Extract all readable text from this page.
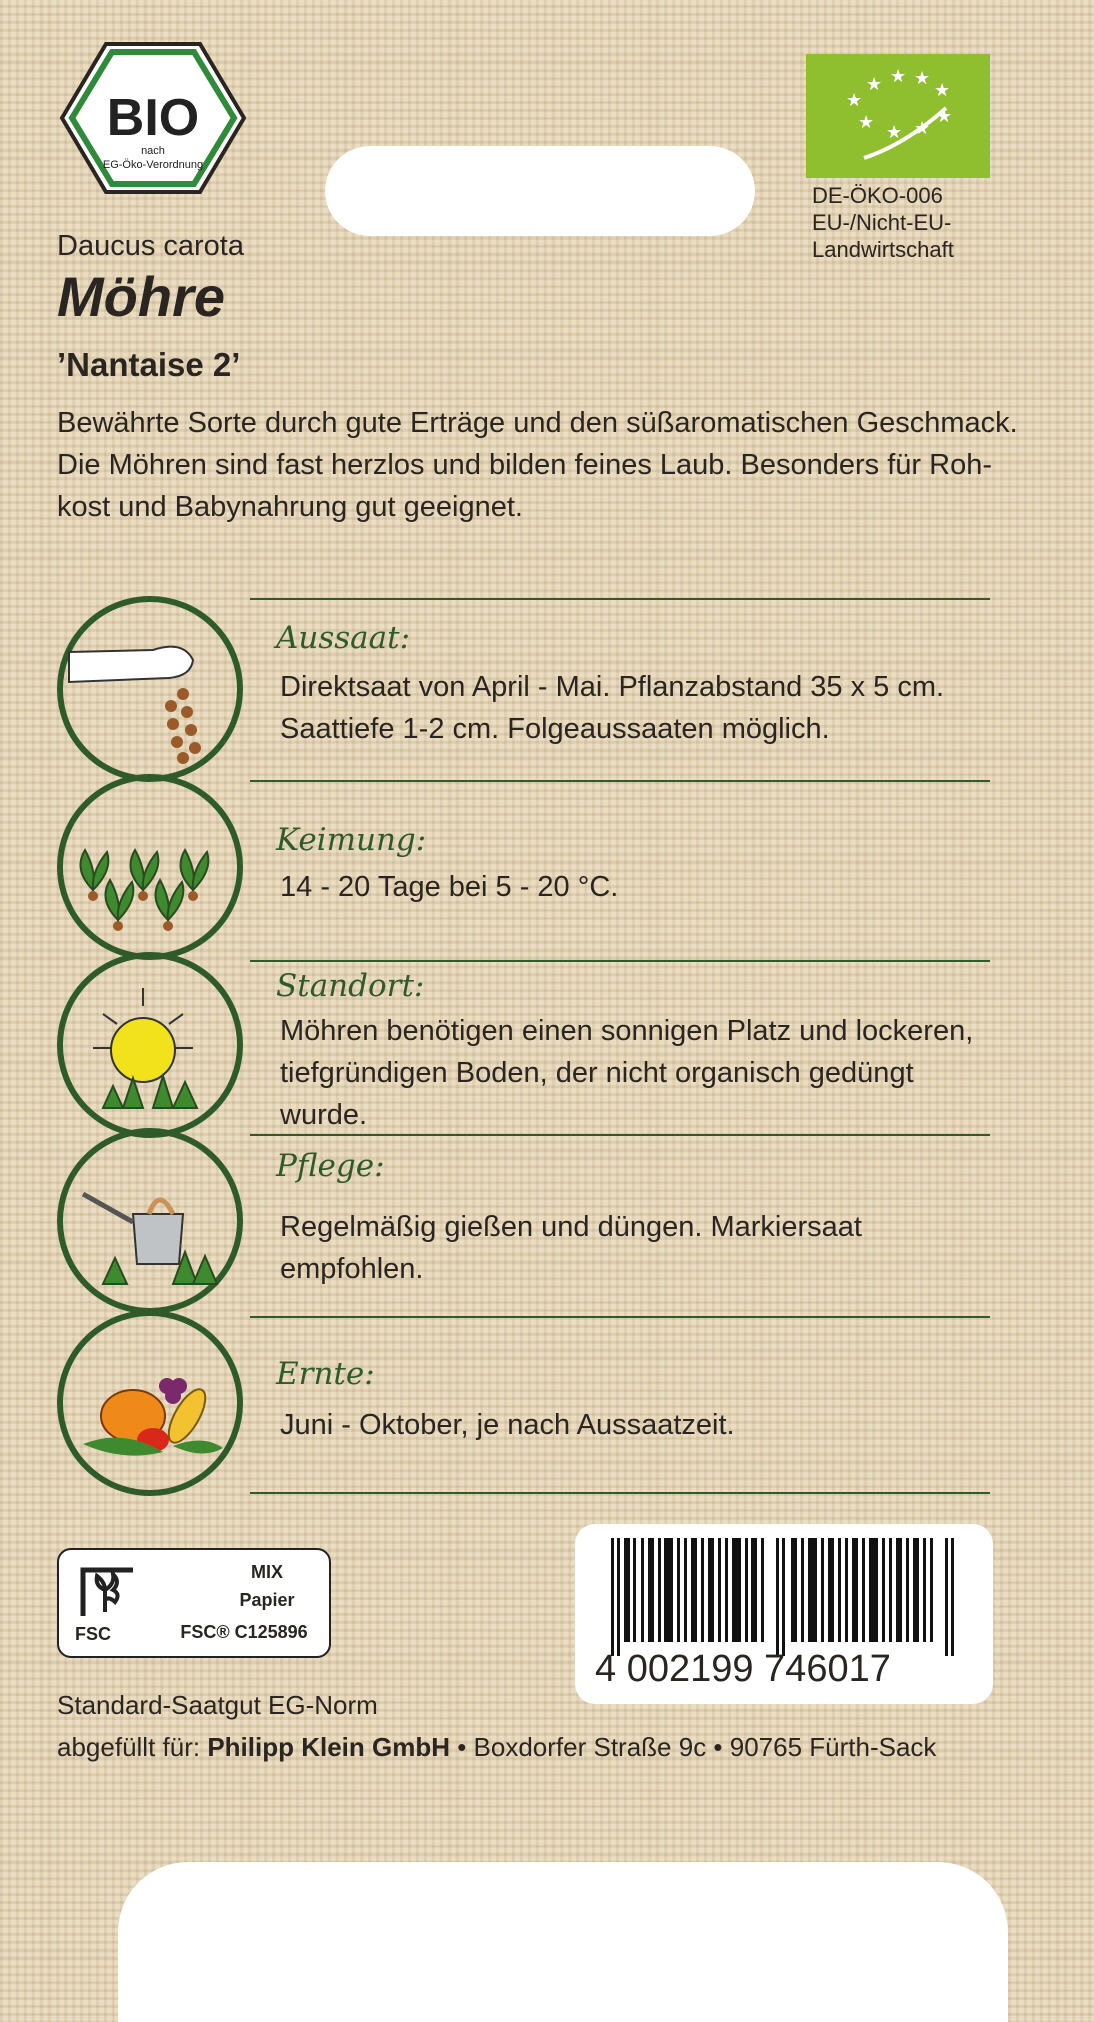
BIO
nach
EG-Öko-Verordnung
★
★ ★ ★
★
★ ★ ★
★
DE-ÖKO-006
EU-/Nicht-EU-
Landwirtschaft
Daucus carota
Möhre
’Nantaise 2’
Bewährte Sorte durch gute Erträge und den süßaromatischen Geschmack.
Die Möhren sind fast herzlos und bilden feines Laub. Besonders für Roh-
kost und Babynahrung gut geeignet.
Aussaat:
Direktsaat von April - Mai. Pflanzabstand 35 x 5 cm.
Saattiefe 1-2 cm. Folgeaussaaten möglich.
Keimung:
14 - 20 Tage bei 5 - 20 °C.
Standort:
Möhren benötigen einen sonnigen Platz und lockeren,
tiefgründigen Boden, der nicht organisch gedüngt
wurde.
Pflege:
Regelmäßig gießen und düngen. Markiersaat
empfohlen.
Ernte:
Juni - Oktober, je nach Aussaatzeit.
FSC
MIX
Papier
FSC® C125896
4 002199 746017
Standard-Saatgut EG-Norm
abgefüllt für: Philipp Klein GmbH • Boxdorfer Straße 9c • 90765 Fürth-Sack
